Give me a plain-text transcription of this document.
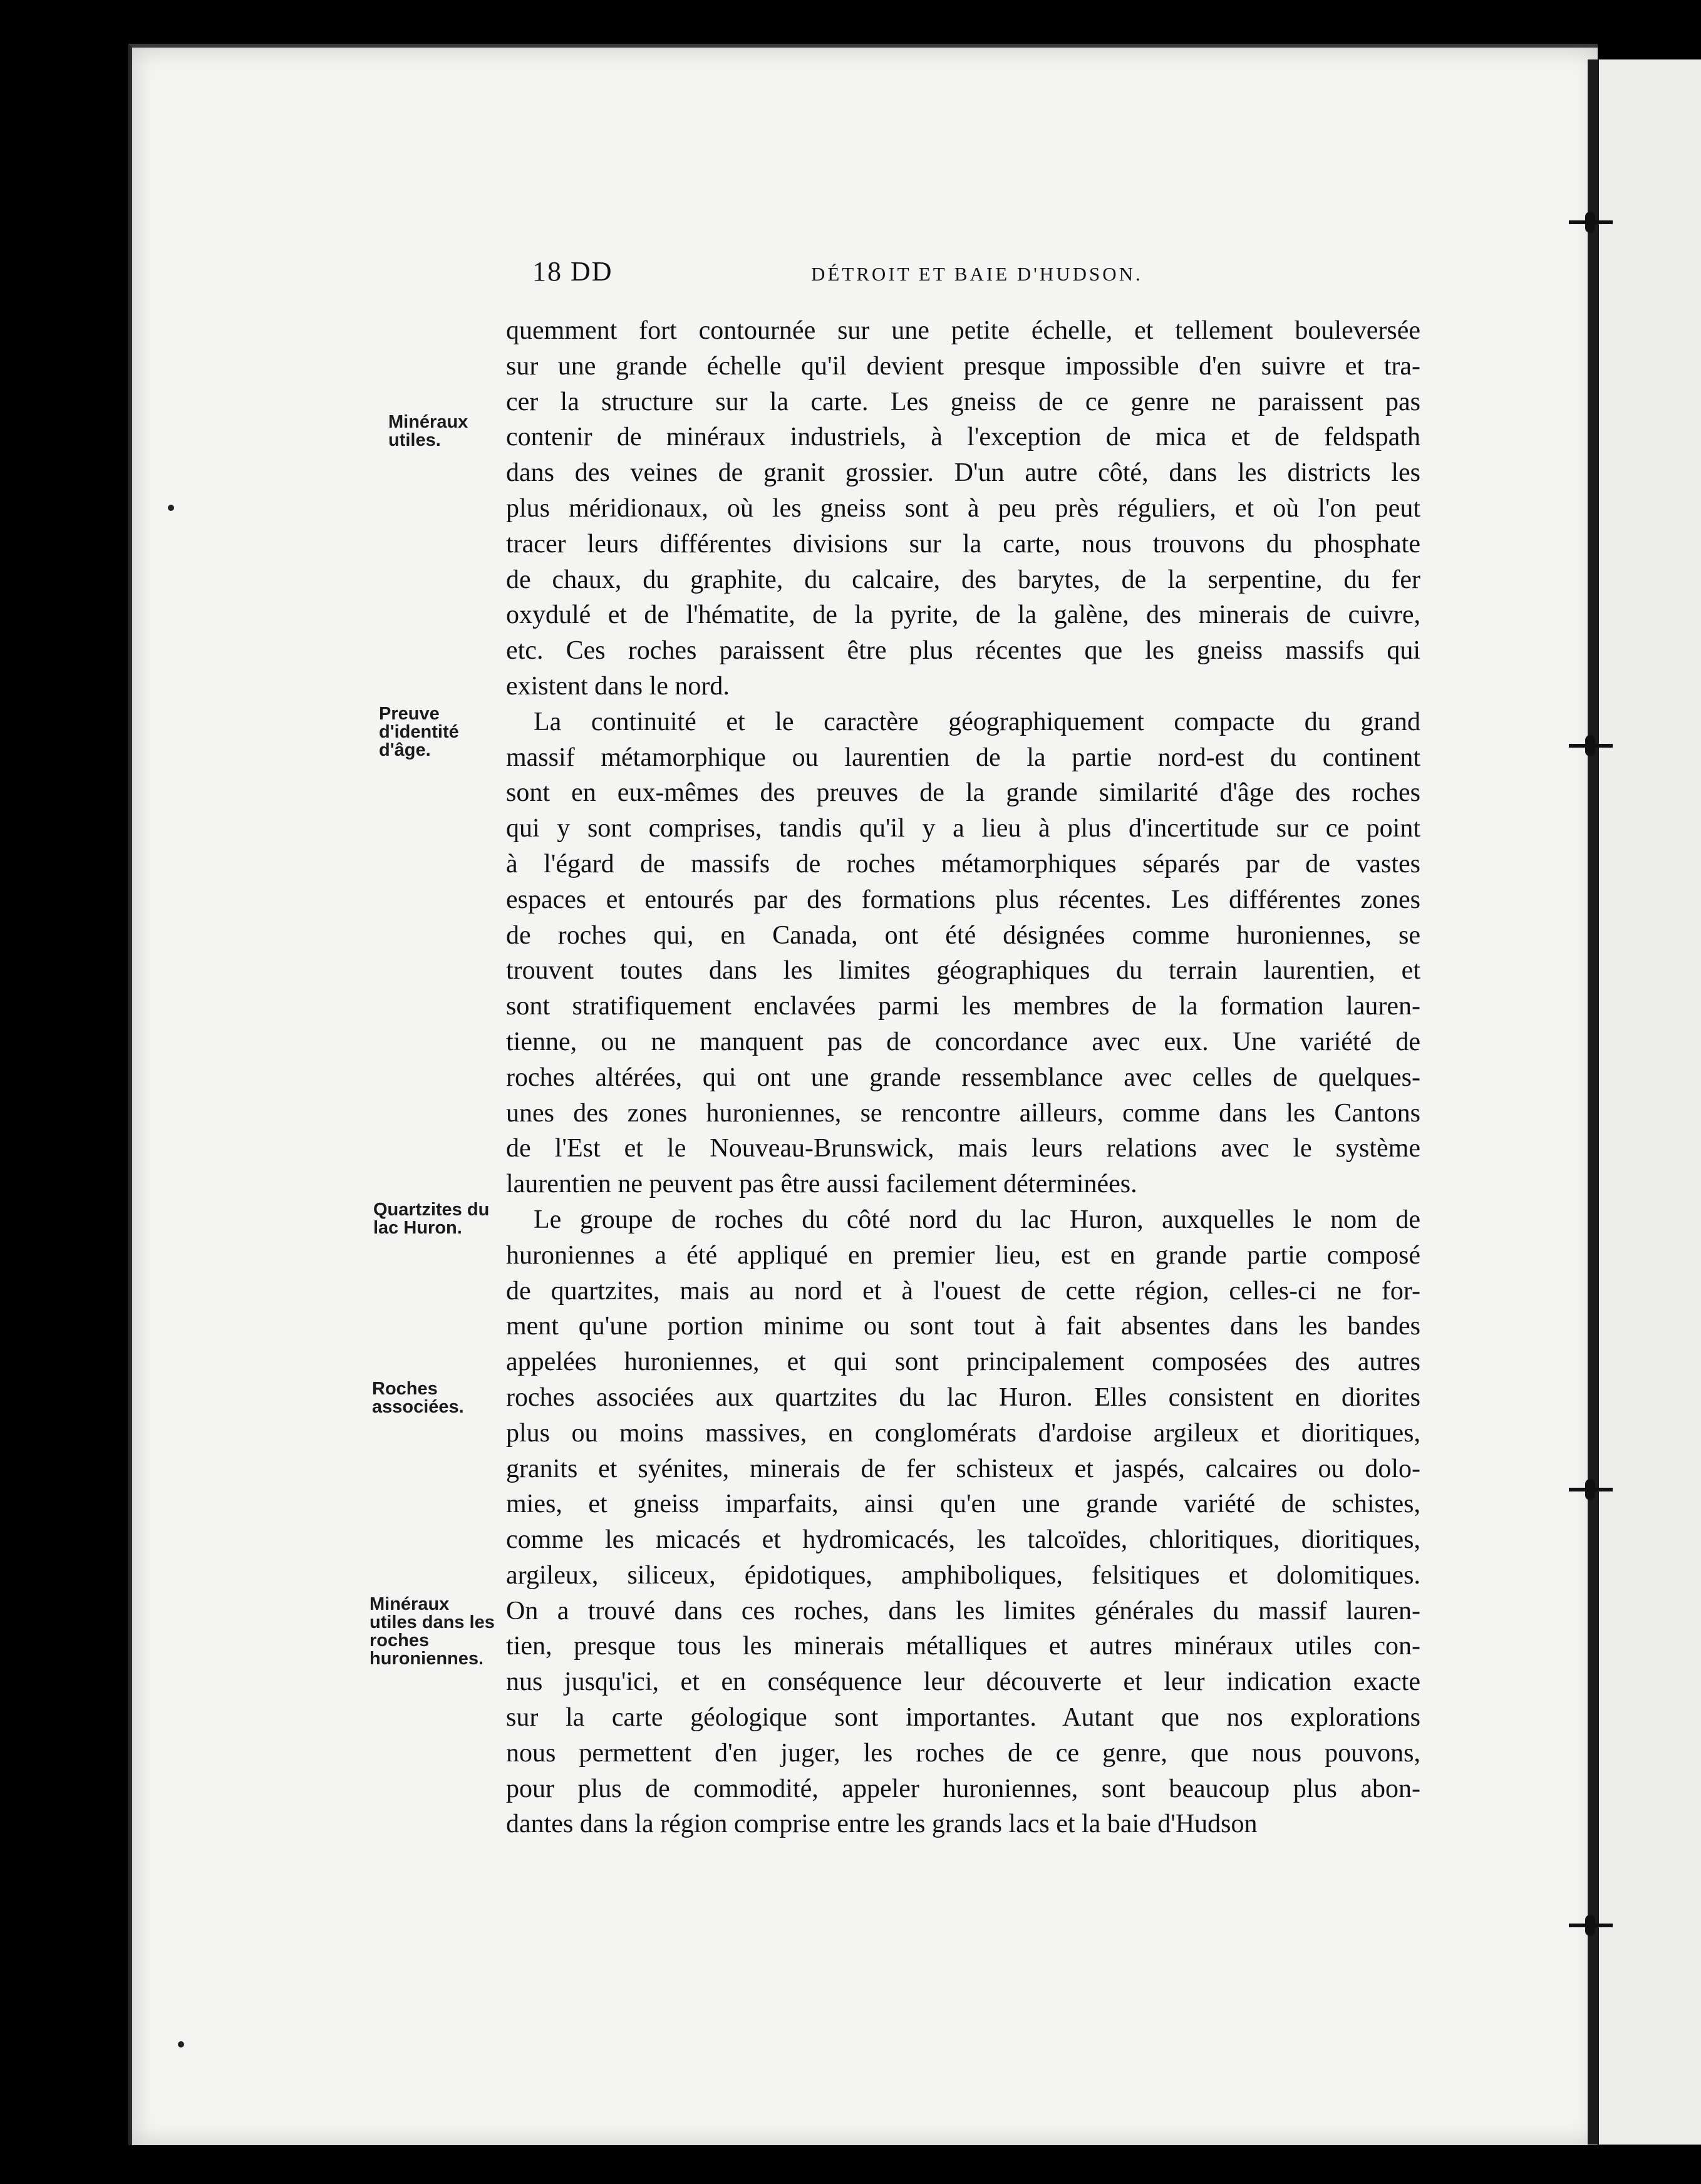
18 DD	DÉTROIT ET BAIE D'HUDSON.
Minéraux
utiles.
Preuve
d'identité
d'âge.
Quartzites du
lac Huron.
Roches
associées.
Minéraux
utiles dans les
roches
huroniennes.
quemment fort contournée sur une petite échelle, et tellement bouleversée
sur une grande échelle qu'il devient presque impossible d'en suivre et tra-
cer la structure sur la carte. Les gneiss de ce genre ne paraissent pas
contenir de minéraux industriels, à l'exception de mica et de feldspath
dans des veines de granit grossier. D'un autre côté, dans les districts les
plus méridionaux, où les gneiss sont à peu près réguliers, et où l'on peut
tracer leurs différentes divisions sur la carte, nous trouvons du phosphate
de chaux, du graphite, du calcaire, des barytes, de la serpentine, du fer
oxydulé et de l'hématite, de la pyrite, de la galène, des minerais de cuivre,
etc. Ces roches paraissent être plus récentes que les gneiss massifs qui
existent dans le nord.
La continuité et le caractère géographiquement compacte du grand
massif métamorphique ou laurentien de la partie nord-est du continent
sont en eux-mêmes des preuves de la grande similarité d'âge des roches
qui y sont comprises, tandis qu'il y a lieu à plus d'incertitude sur ce point
à l'égard de massifs de roches métamorphiques séparés par de vastes
espaces et entourés par des formations plus récentes. Les différentes zones
de roches qui, en Canada, ont été désignées comme huroniennes, se
trouvent toutes dans les limites géographiques du terrain laurentien, et
sont stratifiquement enclavées parmi les membres de la formation lauren-
tienne, ou ne manquent pas de concordance avec eux. Une variété de
roches altérées, qui ont une grande ressemblance avec celles de quelques-
unes des zones huroniennes, se rencontre ailleurs, comme dans les Cantons
de l'Est et le Nouveau-Brunswick, mais leurs relations avec le système
laurentien ne peuvent pas être aussi facilement déterminées.
Le groupe de roches du côté nord du lac Huron, auxquelles le nom de
huroniennes a été appliqué en premier lieu, est en grande partie composé
de quartzites, mais au nord et à l'ouest de cette région, celles-ci ne for-
ment qu'une portion minime ou sont tout à fait absentes dans les bandes
appelées huroniennes, et qui sont principalement composées des autres
roches associées aux quartzites du lac Huron. Elles consistent en diorites
plus ou moins massives, en conglomérats d'ardoise argileux et dioritiques,
granits et syénites, minerais de fer schisteux et jaspés, calcaires ou dolo-
mies, et gneiss imparfaits, ainsi qu'en une grande variété de schistes,
comme les micacés et hydromicacés, les talcoïdes, chloritiques, dioritiques,
argileux, siliceux, épidotiques, amphiboliques, felsitiques et dolomitiques.
On a trouvé dans ces roches, dans les limites générales du massif lauren-
tien, presque tous les minerais métalliques et autres minéraux utiles con-
nus jusqu'ici, et en conséquence leur découverte et leur indication exacte
sur la carte géologique sont importantes. Autant que nos explorations
nous permettent d'en juger, les roches de ce genre, que nous pouvons,
pour plus de commodité, appeler huroniennes, sont beaucoup plus abon-
dantes dans la région comprise entre les grands lacs et la baie d'Hudson
